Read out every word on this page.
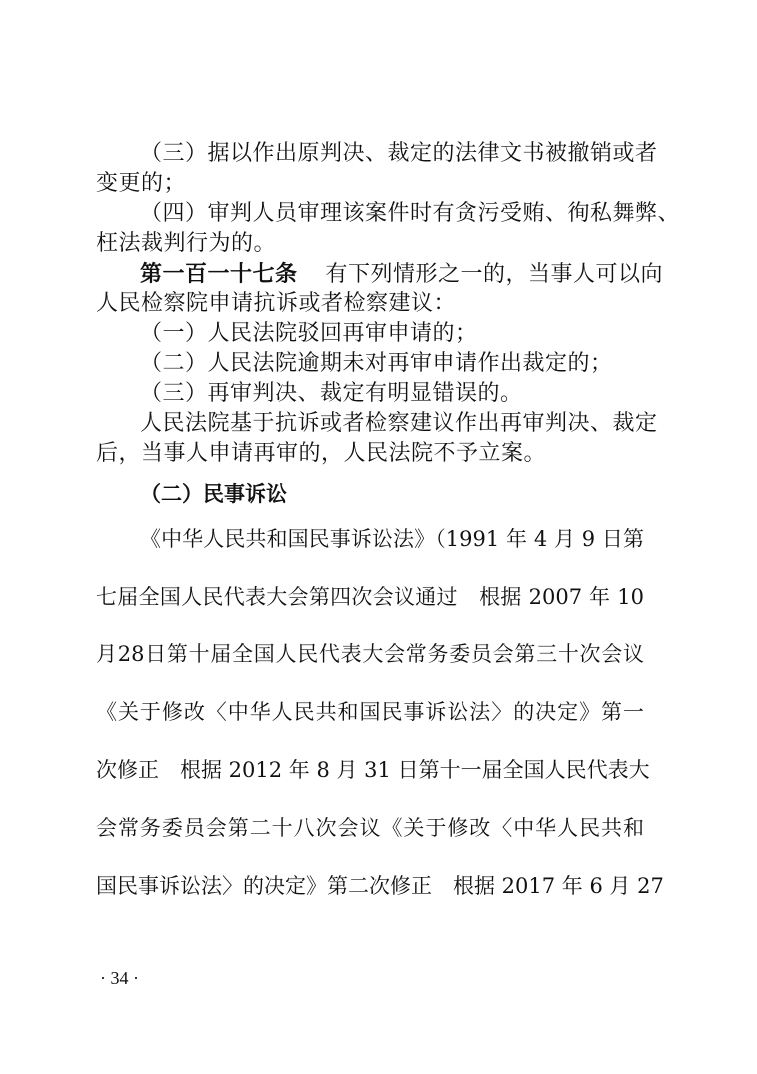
（三）据以作出原判决、裁定的法律文书被撤销或者
变更的；
（四）审判人员审理该案件时有贪污受贿、徇私舞弊、
枉法裁判行为的。
第一百一十七条 有下列情形之一的，当事人可以向
人民检察院申请抗诉或者检察建议：
（一）人民法院驳回再审申请的；
（二）人民法院逾期未对再审申请作出裁定的；
（三）再审判决、裁定有明显错误的。
人民法院基于抗诉或者检察建议作出再审判决、裁定
后，当事人申请再审的，人民法院不予立案。
（二）民事诉讼
《中华人民共和国民事诉讼法》（1991 年 4 月 9 日第
七届全国人民代表大会第四次会议通过　根据 2007 年 10
月28日第十届全国人民代表大会常务委员会第三十次会议
《关于修改〈中华人民共和国民事诉讼法〉的决定》第一
次修正　根据 2012 年 8 月 31 日第十一届全国人民代表大
会常务委员会第二十八次会议《关于修改〈中华人民共和
国民事诉讼法〉的决定》第二次修正　根据 2017 年 6 月 27
· 34 ·
